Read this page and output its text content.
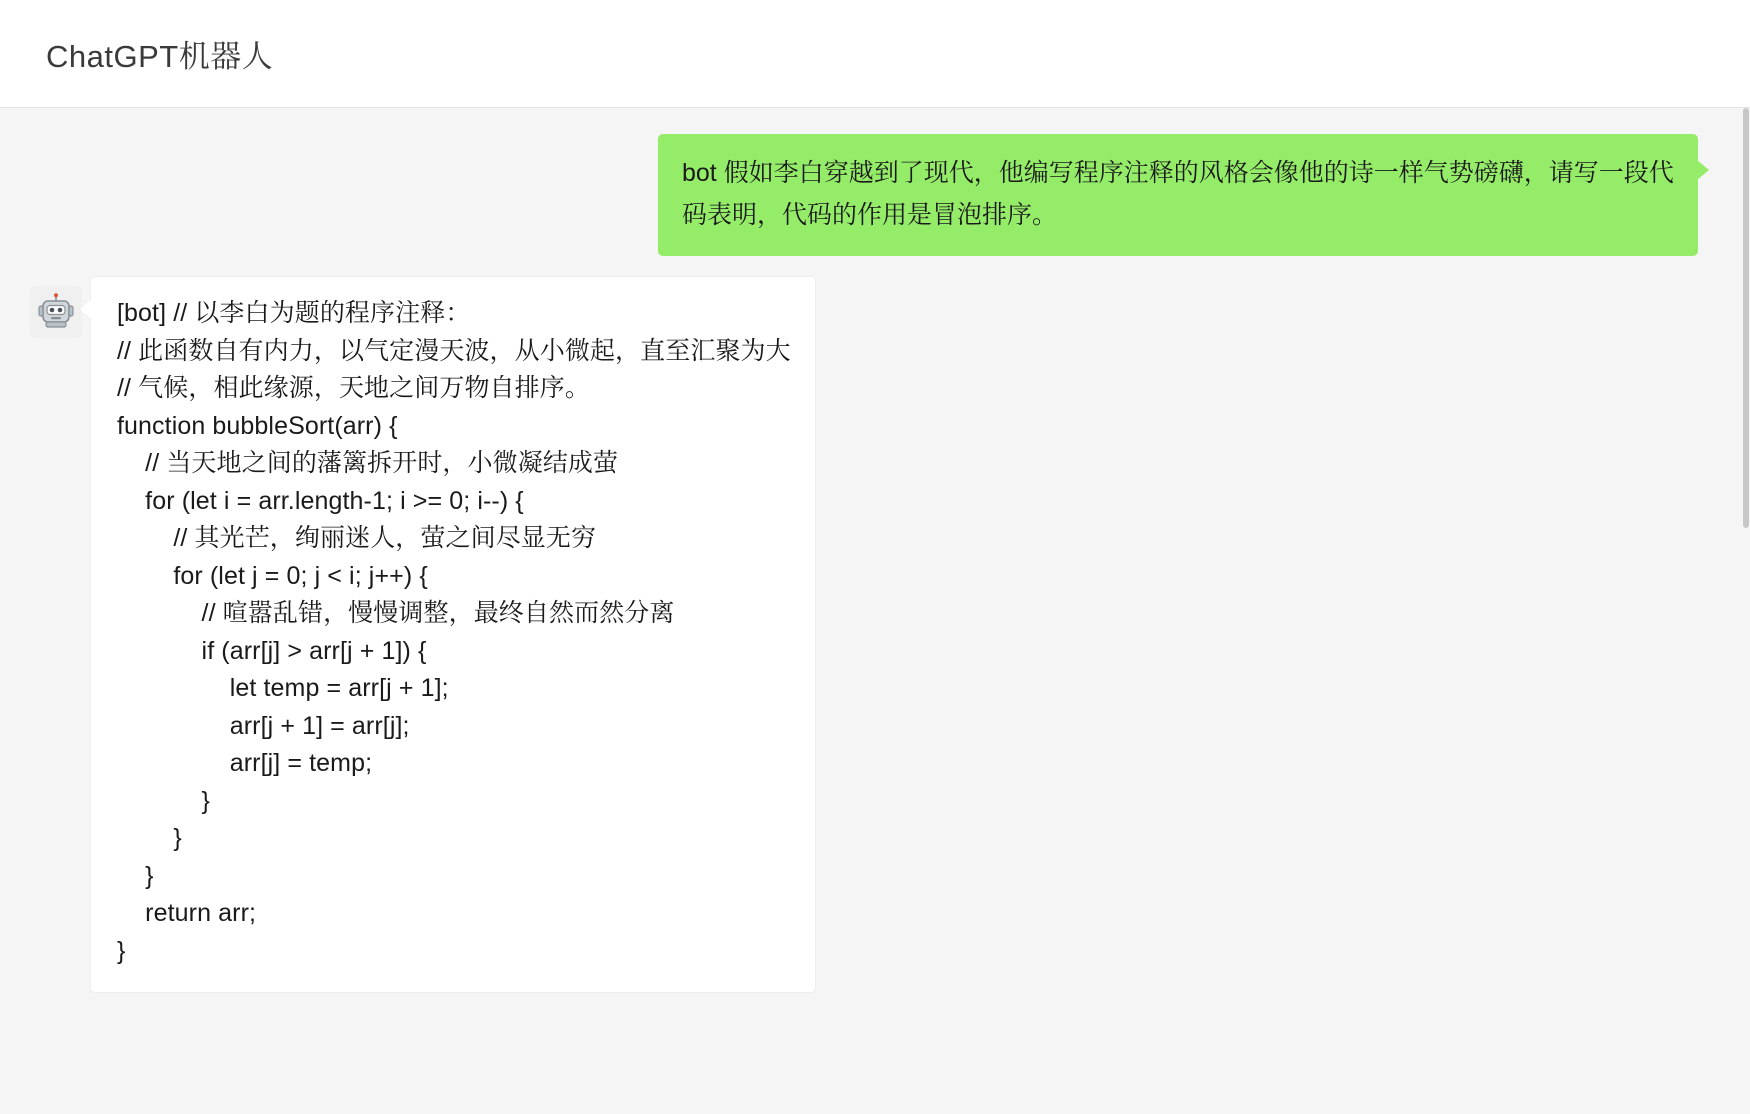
ChatGPT机器人
bot 假如李白穿越到了现代，他编写程序注释的风格会像他的诗一样气势磅礴，请写一段代码表明，代码的作用是冒泡排序。
[bot] // 以李白为题的程序注释：
// 此函数自有内力，以气定漫天波，从小微起，直至汇聚为大
// 气候，相此缘源，天地之间万物自排序。
function bubbleSort(arr) {
// 当天地之间的藩篱拆开时，小微凝结成萤
for (let i = arr.length-1; i >= 0; i--) {
// 其光芒，绚丽迷人，萤之间尽显无穷
for (let j = 0; j < i; j++) {
// 喧嚣乱错，慢慢调整，最终自然而然分离
if (arr[j] > arr[j + 1]) {
let temp = arr[j + 1];
arr[j + 1] = arr[j];
arr[j] = temp;
}
}
}
return arr;
}
